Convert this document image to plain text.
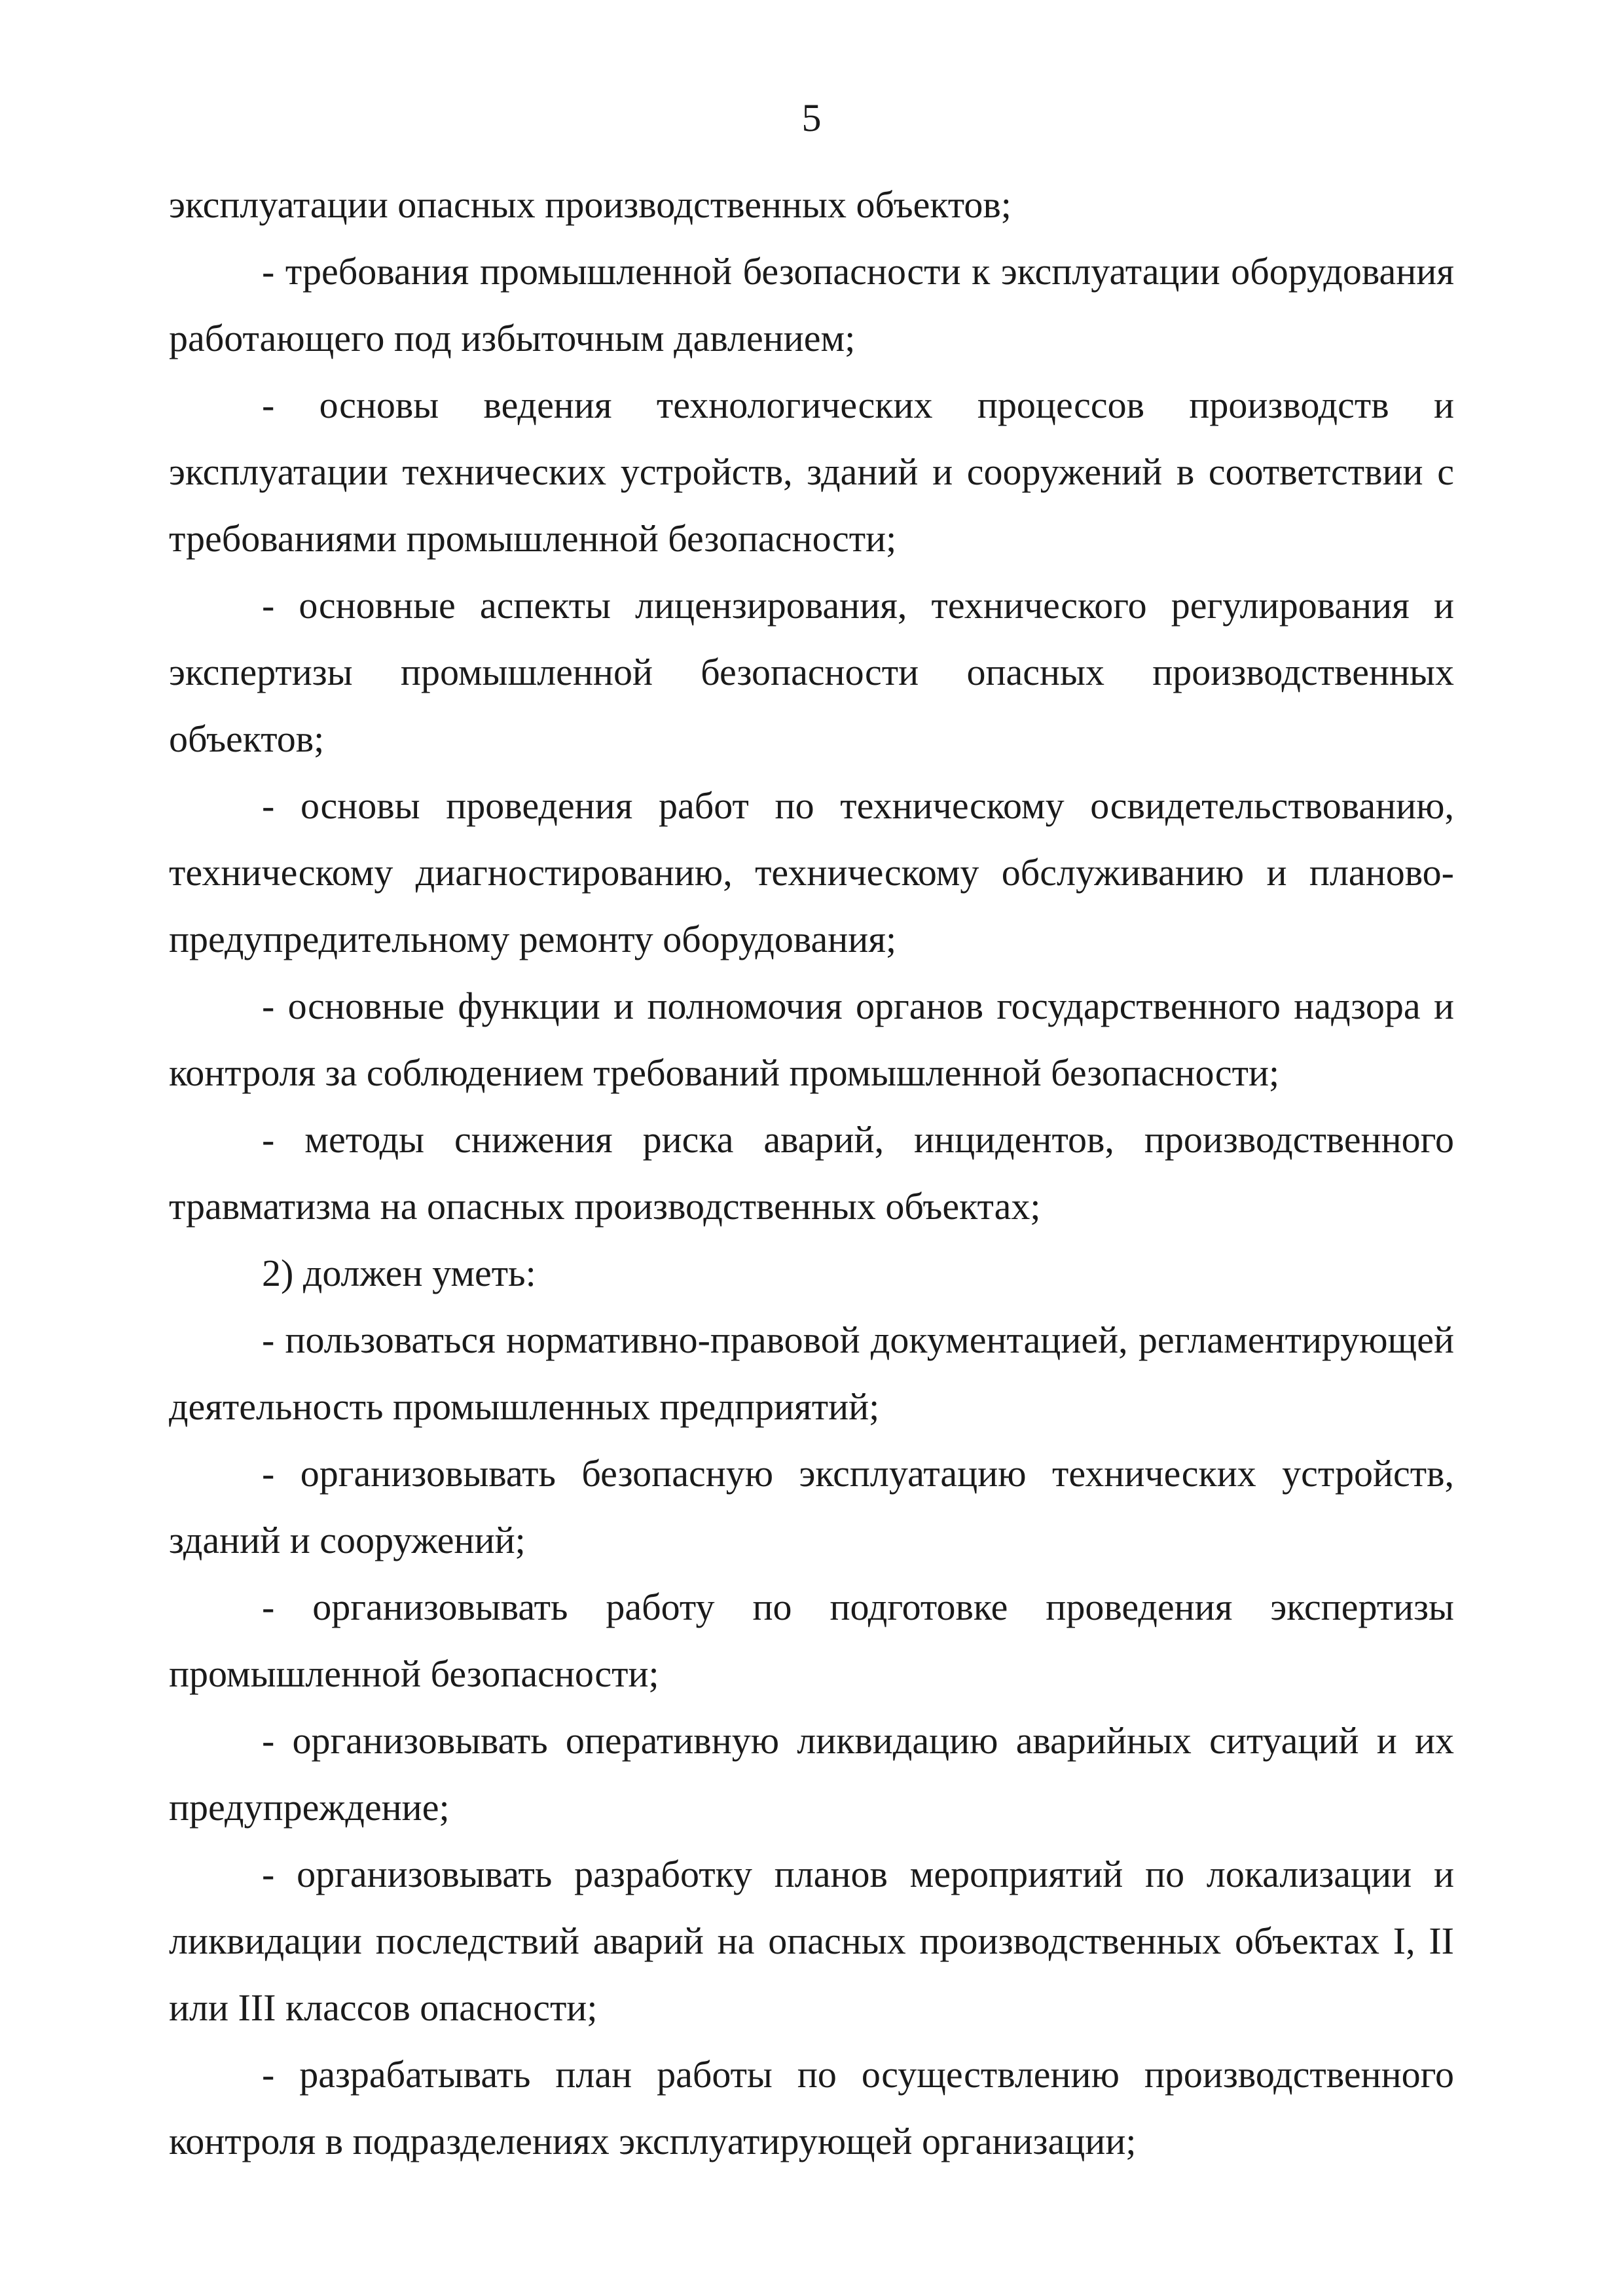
5

эксплуатации опасных производственных объектов;

- требования промышленной безопасности к эксплуатации оборудования работающего под избыточным давлением;

- основы ведения технологических процессов производств и эксплуатации технических устройств, зданий и сооружений в соответствии с требованиями промышленной безопасности;

- основные аспекты лицензирования, технического регулирования и экспертизы промышленной безопасности опасных производственных объектов;

- основы проведения работ по техническому освидетельствованию, техническому диагностированию, техническому обслуживанию и планово-предупредительному ремонту оборудования;

- основные функции и полномочия органов государственного надзора и контроля за соблюдением требований промышленной безопасности;

- методы снижения риска аварий, инцидентов, производственного травматизма на опасных производственных объектах;

2) должен уметь:

- пользоваться нормативно-правовой документацией, регламентирующей деятельность промышленных предприятий;

- организовывать безопасную эксплуатацию технических устройств, зданий и сооружений;

- организовывать работу по подготовке проведения экспертизы промышленной безопасности;

- организовывать оперативную ликвидацию аварийных ситуаций и их предупреждение;

- организовывать разработку планов мероприятий по локализации и ликвидации последствий аварий на опасных производственных объектах I, II или III классов опасности;

- разрабатывать план работы по осуществлению производственного контроля в подразделениях эксплуатирующей организации;
